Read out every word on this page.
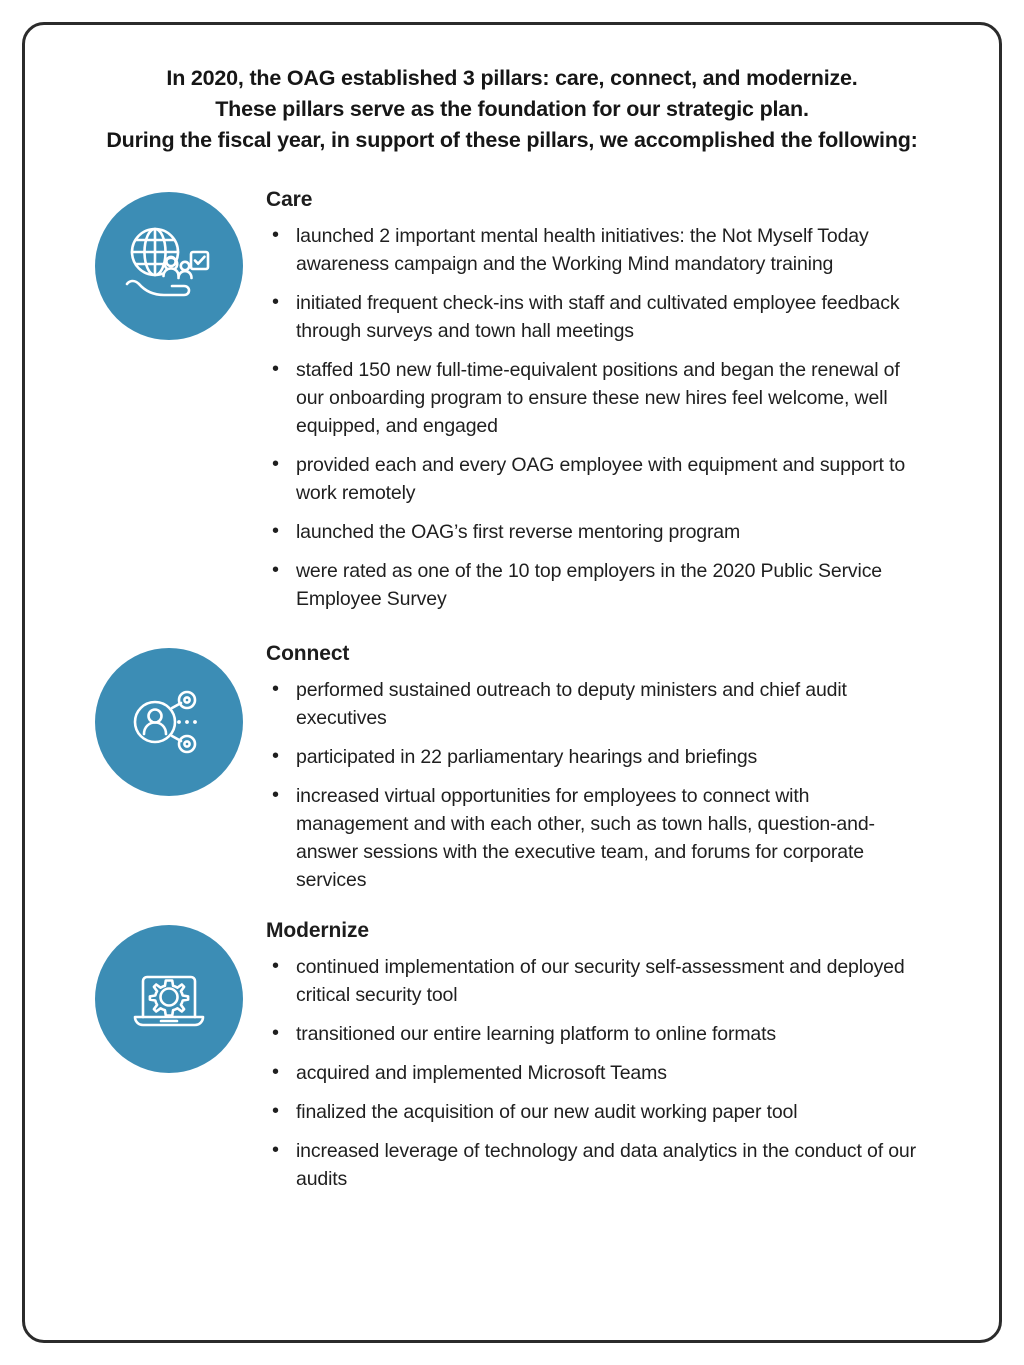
In 2020, the OAG established 3 pillars: care, connect, and modernize.
These pillars serve as the foundation for our strategic plan.
During the fiscal year, in support of these pillars, we accomplished the following:
Care
• launched 2 important mental health initiatives: the Not Myself Today awareness campaign and the Working Mind mandatory training
• initiated frequent check-ins with staff and cultivated employee feedback through surveys and town hall meetings
• staffed 150 new full-time-equivalent positions and began the renewal of our onboarding program to ensure these new hires feel welcome, well equipped, and engaged
• provided each and every OAG employee with equipment and support to work remotely
• launched the OAG’s first reverse mentoring program
• were rated as one of the 10 top employers in the 2020 Public Service Employee Survey
Connect
• performed sustained outreach to deputy ministers and chief audit executives
• participated in 22 parliamentary hearings and briefings
• increased virtual opportunities for employees to connect with management and with each other, such as town halls, question-and-answer sessions with the executive team, and forums for corporate services
Modernize
• continued implementation of our security self-assessment and deployed critical security tool
• transitioned our entire learning platform to online formats
• acquired and implemented Microsoft Teams
• finalized the acquisition of our new audit working paper tool
• increased leverage of technology and data analytics in the conduct of our audits
